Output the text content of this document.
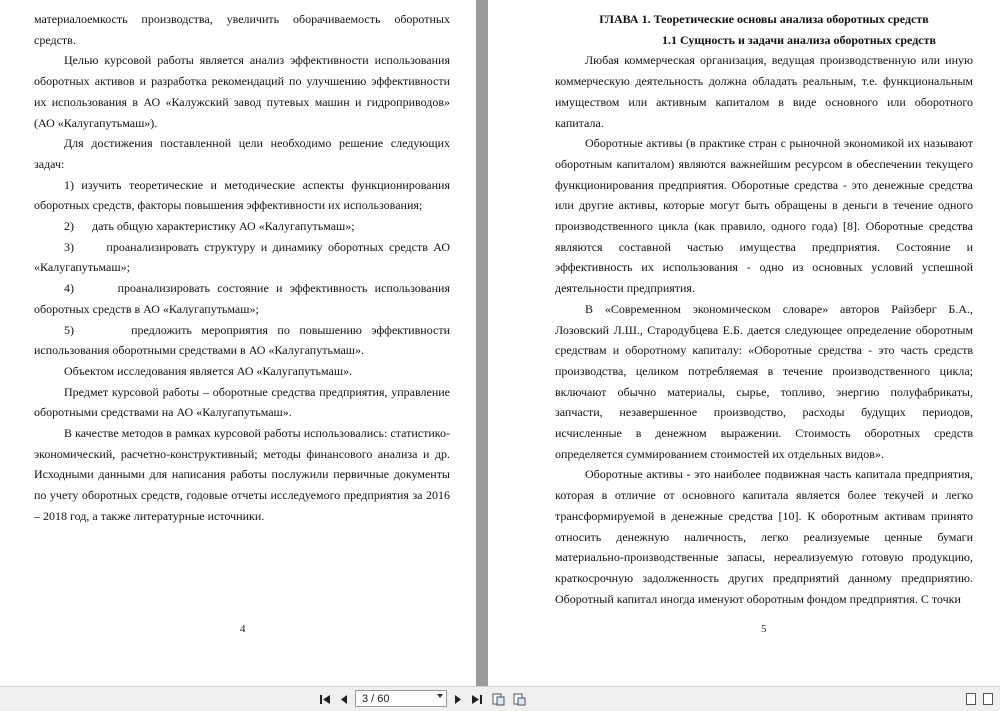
материалоемкость производства, увеличить оборачиваемость оборотных средств.

Целью курсовой работы является анализ эффективности использования оборотных активов и разработка рекомендаций по улучшению эффективности их использования в АО «Калужский завод путевых машин и гидроприводов» (АО «Калугапутьмаш»).

Для достижения поставленной цели необходимо решение следующих задач:

1) изучить теоретические и методические аспекты функционирования оборотных средств, факторы повышения эффективности их использования;

2)      дать общую характеристику АО «Калугапутьмаш»;

3)      проанализировать структуру и динамику оборотных средств АО «Калугапутьмаш»;

4)      проанализировать состояние и эффективность использования оборотных средств в АО «Калугапутьмаш»;

5)      предложить мероприятия по повышению эффективности использования оборотными средствами в АО «Калугапутьмаш».

Объектом исследования является АО «Калугапутьмаш».

Предмет курсовой работы – оборотные средства предприятия, управление оборотными средствами на АО «Калугапутьмаш».

В качестве методов в рамках курсовой работы использовались: статистико-экономический, расчетно-конструктивный; методы финансового анализа и др. Исходными данными для написания работы послужили первичные документы по учету оборотных средств, годовые отчеты исследуемого предприятия за 2016 – 2018 год, а также литературные источники.

4

ГЛАВА 1. Теоретические основы анализа оборотных средств

1.1 Сущность и задачи анализа оборотных средств

Любая коммерческая организация, ведущая производственную или иную коммерческую деятельность должна обладать реальным, т.е. функциональным имуществом или активным капиталом в виде основного или оборотного капитала.

Оборотные активы (в практике стран с рыночной экономикой их называют оборотным капиталом) являются важнейшим ресурсом в обеспечении текущего функционирования предприятия. Оборотные средства - это денежные средства или другие активы, которые могут быть обращены в деньги в течение одного производственного цикла (как правило, одного года) [8]. Оборотные средства являются составной частью имущества предприятия. Состояние и эффективность их использования - одно из основных условий успешной деятельности предприятия.

В «Современном экономическом словаре» авторов Райзберг Б.А., Лозовский Л.Ш., Стародубцева Е.Б. дается следующее определение оборотным средствам и оборотному капиталу: «Оборотные средства - это часть средств производства, целиком потребляемая в течение производственного цикла; включают обычно материалы, сырье, топливо, энергию полуфабрикаты, запчасти, незавершенное производство, расходы будущих периодов, исчисленные в денежном выражении. Стоимость оборотных средств определяется суммированием стоимостей их отдельных видов».

Оборотные активы - это наиболее подвижная часть капитала предприятия, которая в отличие от основного капитала является более текучей и легко трансформируемой в денежные средства [10]. К оборотным активам принято относить денежную наличность, легко реализуемые ценные бумаги материально-производственные запасы, нереализуемую готовую продукцию, краткосрочную задолженность других предприятий данному предприятию. Оборотный капитал иногда именуют оборотным фондом предприятия. С точки

5
3 / 60
